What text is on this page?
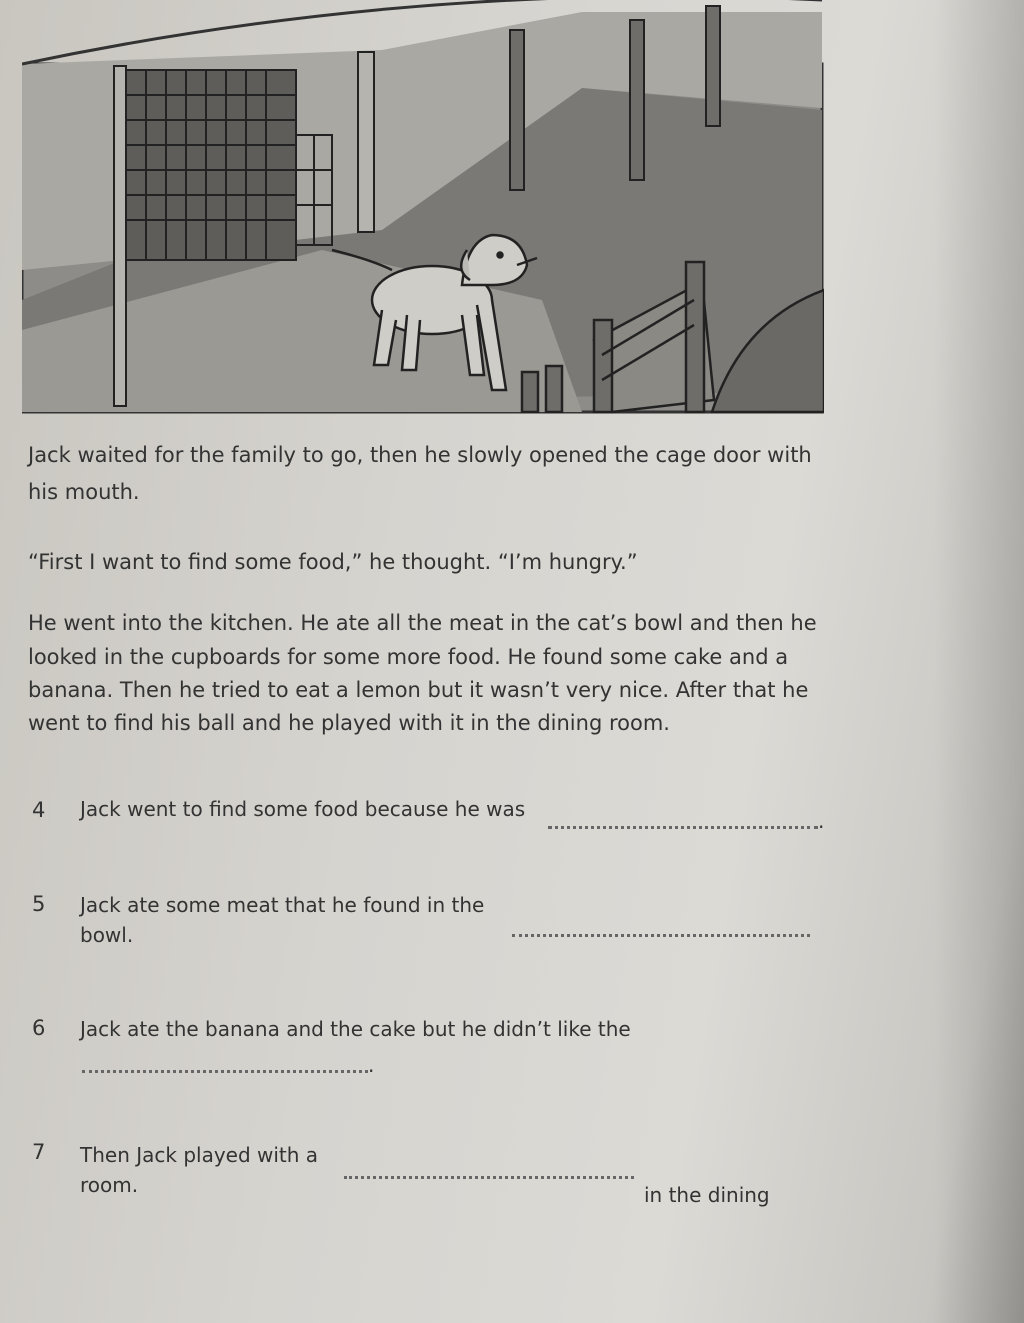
Jack waited for the family to go, then he slowly opened the cage door with
his mouth.
“First I want to find some food,” he thought. “I’m hungry.”
He went into the kitchen. He ate all the meat in the cat’s bowl and then he
looked in the cupboards for some more food. He found some cake and a
banana. Then he tried to eat a lemon but it wasn’t very nice. After that he
went to find his ball and he played with it in the dining room.
4 Jack went to find some food because he was	.
5 Jack ate some meat that he found in the
bowl.
6 Jack ate the banana and the cake but he didn’t like the
.
7 Then Jack played with a
in the dining
room.
